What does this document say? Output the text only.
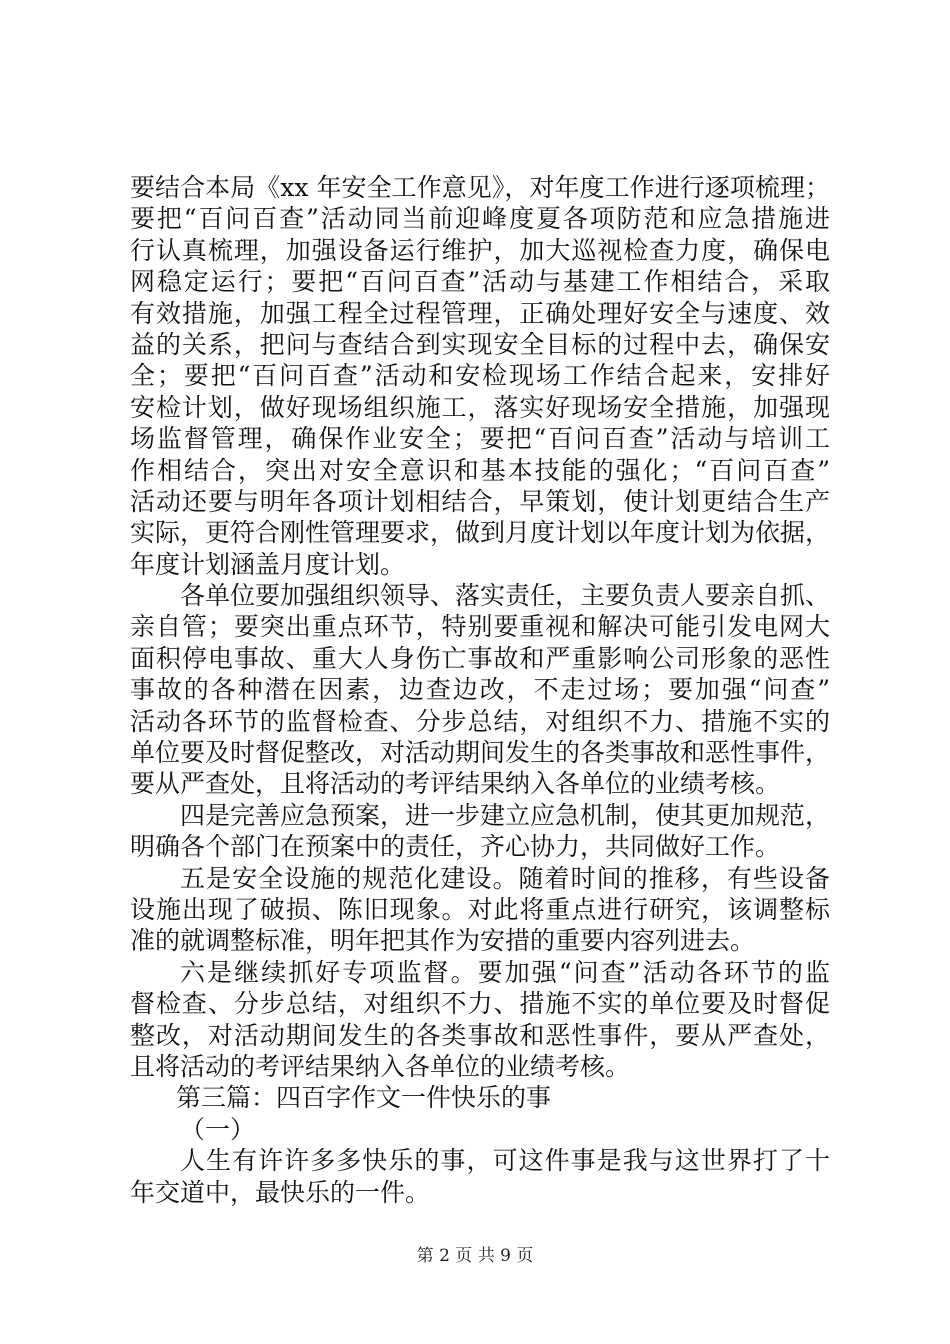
要结合本局《xx 年安全工作意见》，对年度工作进行逐项梳理；
要把“百问百查”活动同当前迎峰度夏各项防范和应急措施进
行认真梳理，加强设备运行维护，加大巡视检查力度，确保电
网稳定运行；要把“百问百查”活动与基建工作相结合，采取
有效措施，加强工程全过程管理，正确处理好安全与速度、效
益的关系，把问与查结合到实现安全目标的过程中去，确保安
全；要把“百问百查”活动和安检现场工作结合起来，安排好
安检计划，做好现场组织施工，落实好现场安全措施，加强现
场监督管理，确保作业安全；要把“百问百查”活动与培训工
作相结合，突出对安全意识和基本技能的强化；“百问百查”
活动还要与明年各项计划相结合，早策划，使计划更结合生产
实际，更符合刚性管理要求，做到月度计划以年度计划为依据，
年度计划涵盖月度计划。
各单位要加强组织领导、落实责任，主要负责人要亲自抓、
亲自管；要突出重点环节，特别要重视和解决可能引发电网大
面积停电事故、重大人身伤亡事故和严重影响公司形象的恶性
事故的各种潜在因素，边查边改，不走过场；要加强“问查”
活动各环节的监督检查、分步总结，对组织不力、措施不实的
单位要及时督促整改，对活动期间发生的各类事故和恶性事件，
要从严查处，且将活动的考评结果纳入各单位的业绩考核。
四是完善应急预案，进一步建立应急机制，使其更加规范，
明确各个部门在预案中的责任，齐心协力，共同做好工作。
五是安全设施的规范化建设。随着时间的推移，有些设备
设施出现了破损、陈旧现象。对此将重点进行研究，该调整标
准的就调整标准，明年把其作为安措的重要内容列进去。
六是继续抓好专项监督。要加强“问查”活动各环节的监
督检查、分步总结，对组织不力、措施不实的单位要及时督促
整改，对活动期间发生的各类事故和恶性事件，要从严查处，
且将活动的考评结果纳入各单位的业绩考核。
第三篇：四百字作文一件快乐的事
（一）
人生有许许多多快乐的事，可这件事是我与这世界打了十
年交道中，最快乐的一件。
第 2 页 共 9 页
